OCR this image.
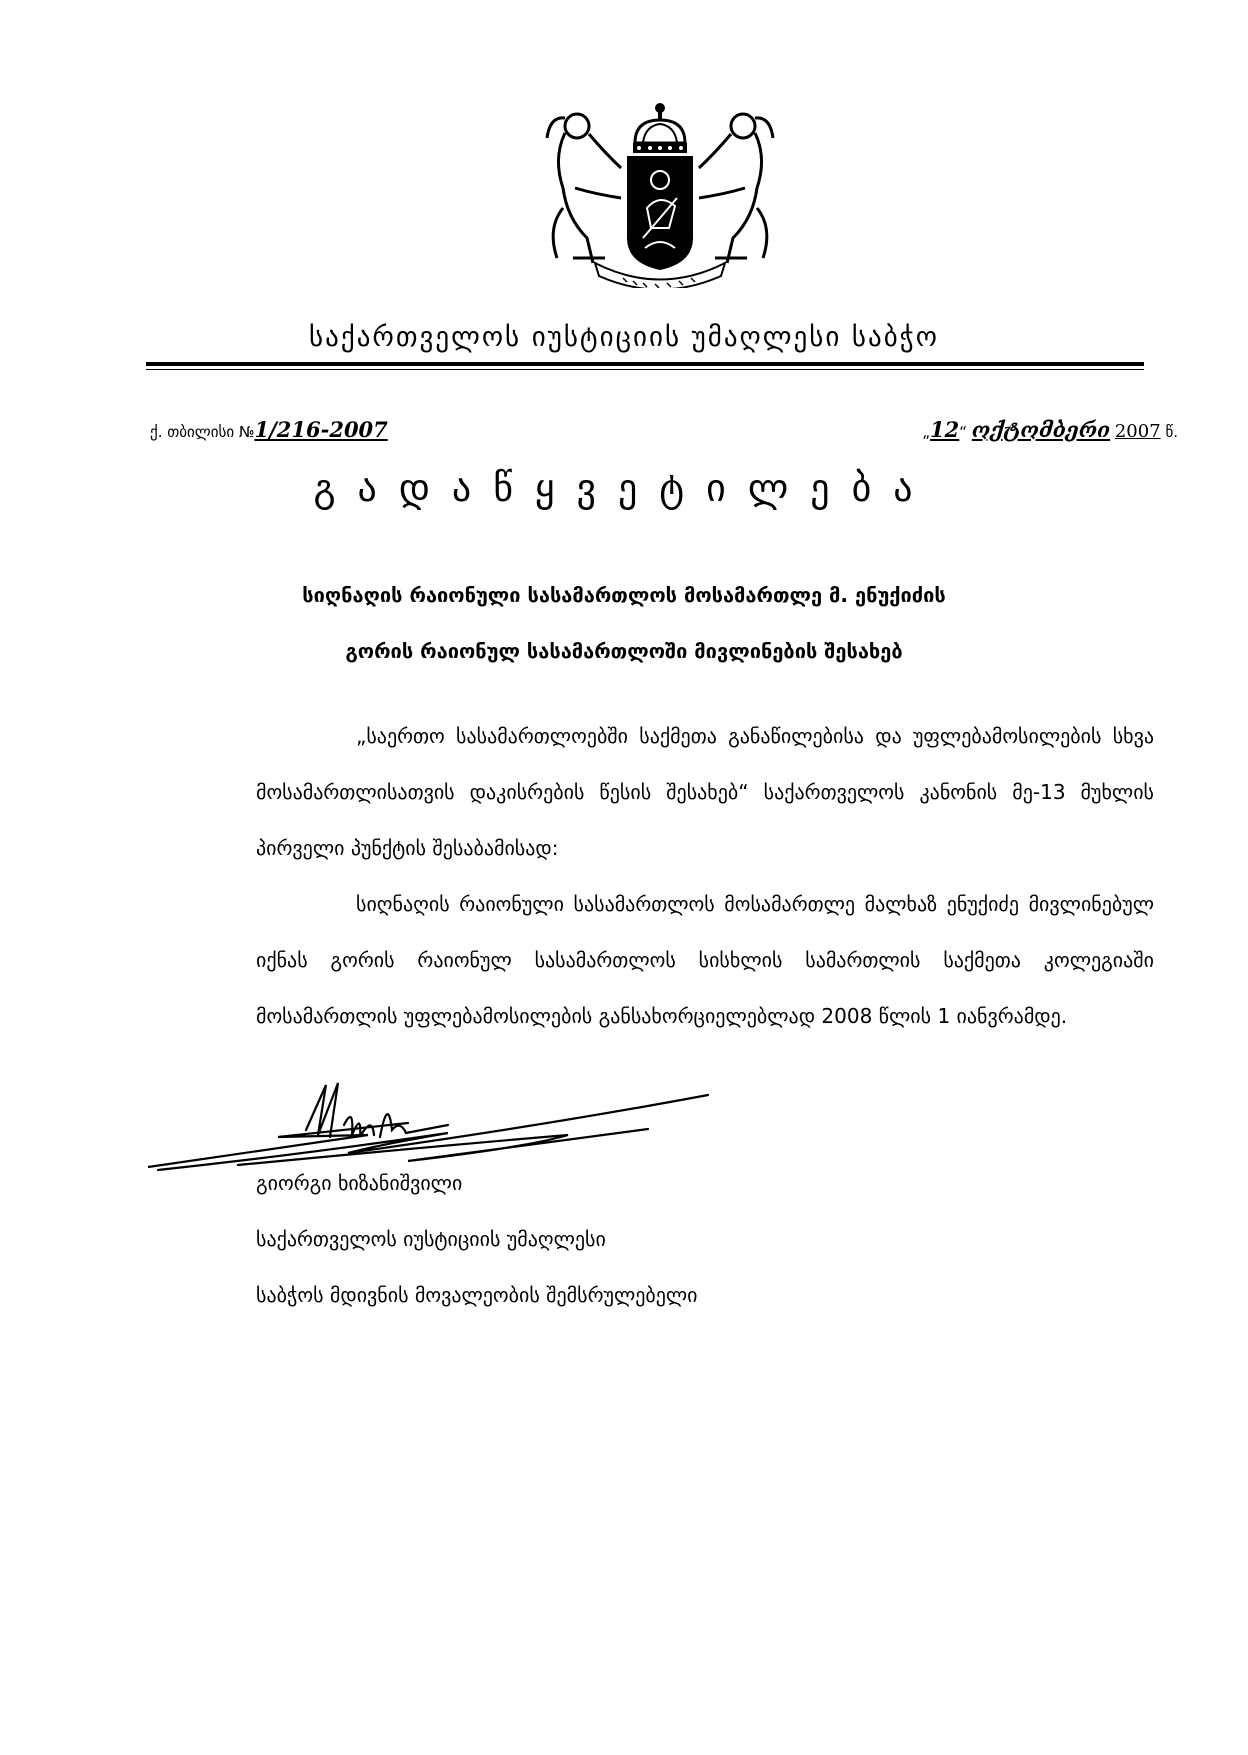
საქართველოს იუსტიციის უმაღლესი საბჭო
ქ. თბილისი №1/216-2007	„12“ ოქტომბერი 2007 წ.
გადაწყვეტილება
სიღნაღის რაიონული სასამართლოს მოსამართლე მ. ენუქიძის
გორის რაიონულ სასამართლოში მივლინების შესახებ

„საერთო სასამართლოებში საქმეთა განაწილებისა და უფლებამოსილების სხვა მოსამართლისათვის დაკისრების წესის შესახებ“ საქართველოს კანონის მე-13 მუხლის პირველი პუნქტის შესაბამისად:

სიღნაღის რაიონული სასამართლოს მოსამართლე მალხაზ ენუქიძე მივლინებულ იქნას გორის რაიონულ სასამართლოს სისხლის სამართლის საქმეთა კოლეგიაში მოსამართლის უფლებამოსილების განსახორციელებლად 2008 წლის 1 იანვრამდე.

გიორგი ხიზანიშვილი
საქართველოს იუსტიციის უმაღლესი
საბჭოს მდივნის მოვალეობის შემსრულებელი
